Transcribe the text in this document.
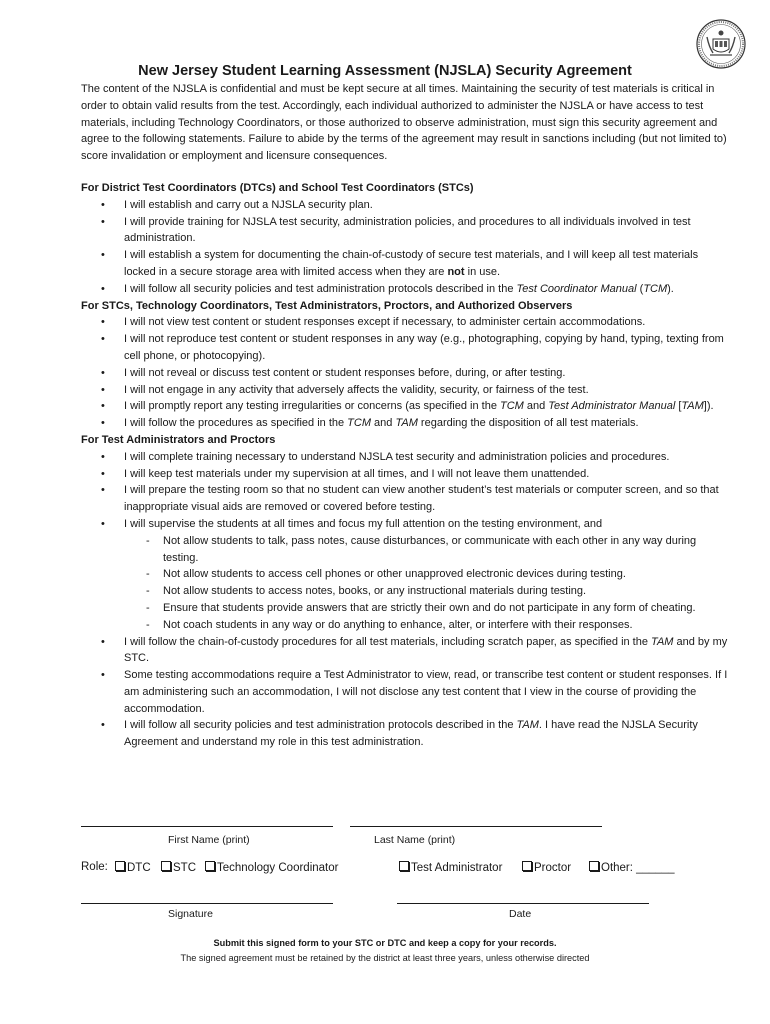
New Jersey Student Learning Assessment (NJSLA) Security Agreement

The content of the NJSLA is confidential and must be kept secure at all times. Maintaining the security of test materials is critical in order to obtain valid results from the test. Accordingly, each individual authorized to administer the NJSLA or have access to test materials, including Technology Coordinators, or those authorized to observe administration, must sign this security agreement and agree to the following statements. Failure to abide by the terms of the agreement may result in sanctions including (but not limited to) score invalidation or employment and licensure consequences.

For District Test Coordinators (DTCs) and School Test Coordinators (STCs)

• I will establish and carry out a NJSLA security plan.
• I will provide training for NJSLA test security, administration policies, and procedures to all individuals involved in test administration.
• I will establish a system for documenting the chain-of-custody of secure test materials, and I will keep all test materials locked in a secure storage area with limited access when they are not in use.
• I will follow all security policies and test administration protocols described in the Test Coordinator Manual (TCM).

For STCs, Technology Coordinators, Test Administrators, Proctors, and Authorized Observers

• I will not view test content or student responses except if necessary, to administer certain accommodations.
• I will not reproduce test content or student responses in any way (e.g., photographing, copying by hand, typing, texting from cell phone, or photocopying).
• I will not reveal or discuss test content or student responses before, during, or after testing.
• I will not engage in any activity that adversely affects the validity, security, or fairness of the test.
• I will promptly report any testing irregularities or concerns (as specified in the TCM and Test Administrator Manual [TAM]).
• I will follow the procedures as specified in the TCM and TAM regarding the disposition of all test materials.

For Test Administrators and Proctors

• I will complete training necessary to understand NJSLA test security and administration policies and procedures.
• I will keep test materials under my supervision at all times, and I will not leave them unattended.
• I will prepare the testing room so that no student can view another student’s test materials or computer screen, and so that inappropriate visual aids are removed or covered before testing.
• I will supervise the students at all times and focus my full attention on the testing environment, and
- Not allow students to talk, pass notes, cause disturbances, or communicate with each other in any way during testing.
- Not allow students to access cell phones or other unapproved electronic devices during testing.
- Not allow students to access notes, books, or any instructional materials during testing.
- Ensure that students provide answers that are strictly their own and do not participate in any form of cheating.
- Not coach students in any way or do anything to enhance, alter, or interfere with their responses.
• I will follow the chain-of-custody procedures for all test materials, including scratch paper, as specified in the TAM and by my STC.
• Some testing accommodations require a Test Administrator to view, read, or transcribe test content or student responses. If I am administering such an accommodation, I will not disclose any test content that I view in the course of providing the accommodation.
• I will follow all security policies and test administration protocols described in the TAM. I have read the NJSLA Security Agreement and understand my role in this test administration.
First Name (print)	Last Name (print)
Role:	DTC	STC	Technology Coordinator	Test Administrator	Proctor	Other: ______
Signature	Date
Submit this signed form to your STC or DTC and keep a copy for your records.
The signed agreement must be retained by the district at least three years, unless otherwise directed
